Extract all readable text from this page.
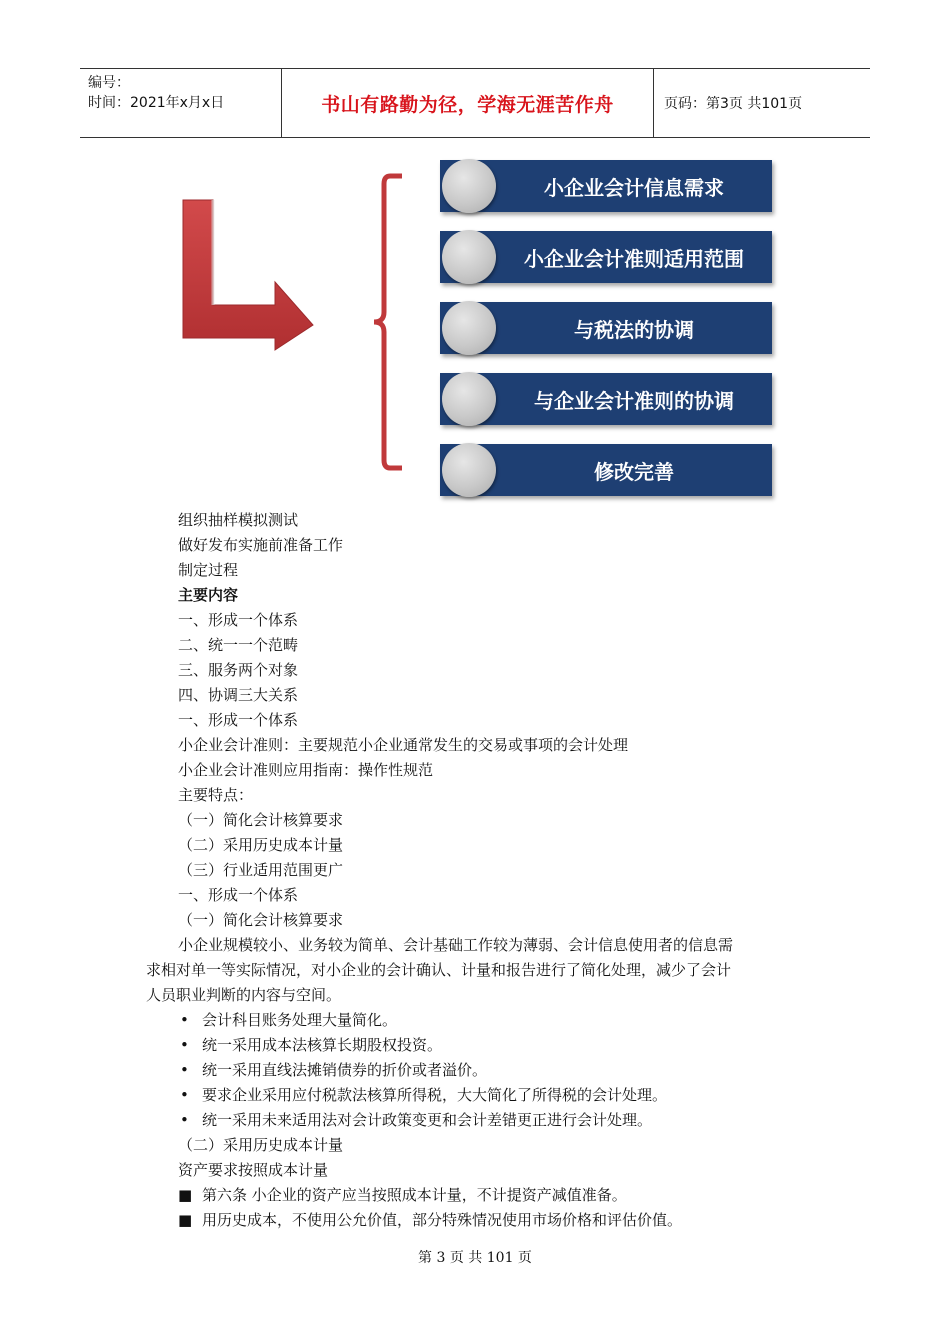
编号：
时间：2021年x月x日	书山有路勤为径，学海无涯苦作舟	页码：第3页 共101页
小企业会计信息需求
小企业会计准则适用范围
与税法的协调
与企业会计准则的协调
修改完善
组织抽样模拟测试
做好发布实施前准备工作
制定过程
主要内容
一、形成一个体系
二、统一一个范畴
三、服务两个对象
四、协调三大关系
一、形成一个体系
小企业会计准则：主要规范小企业通常发生的交易或事项的会计处理
小企业会计准则应用指南：操作性规范
主要特点：
（一）简化会计核算要求
（二）采用历史成本计量
（三）行业适用范围更广
一、形成一个体系
（一）简化会计核算要求
小企业规模较小、业务较为简单、会计基础工作较为薄弱、会计信息使用者的信息需
求相对单一等实际情况，对小企业的会计确认、计量和报告进行了简化处理，减少了会计
人员职业判断的内容与空间。
• 会计科目账务处理大量简化。
• 统一采用成本法核算长期股权投资。
• 统一采用直线法摊销债券的折价或者溢价。
• 要求企业采用应付税款法核算所得税，大大简化了所得税的会计处理。
• 统一采用未来适用法对会计政策变更和会计差错更正进行会计处理。
（二）采用历史成本计量
资产要求按照成本计量
■ 第六条 小企业的资产应当按照成本计量，不计提资产减值准备。
■ 用历史成本，不使用公允价值，部分特殊情况使用市场价格和评估价值。
第 3 页 共 101 页
